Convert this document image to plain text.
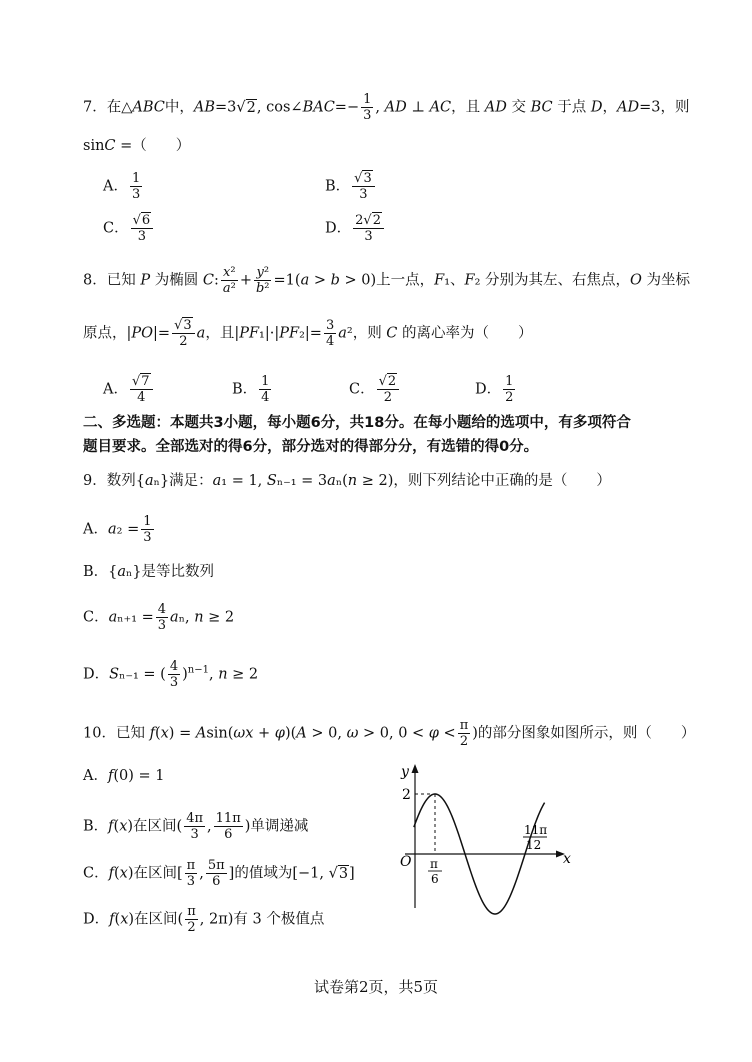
7．在△ABC中，AB=3√2, cos∠BAC=− $\frac{1}{3}$ , AD ⊥ AC，且 AD 交 BC 于点 D，AD=3，则
sinC =（　　）
A． $\frac{1}{3}$	B． $\frac{√3}{3}$
C． $\frac{√6}{3}$	D． $\frac{2√2}{3}$
8．已知 P 为椭圆 C: $\frac{\text{x²}}{\text{a²}} + \frac{\text{y²}}{\text{b²}} =1(a > b > 0)$上一点，F₁、F₂ 分别为其左、右焦点，O 为坐标
原点，$|PO|= \frac{√3}{2}$ a，且$|PF_1|\cdot|PF_2|= \frac{3}{4} a^2$，则 C 的离心率为（　　）
A． $\frac{√7}{4}$	B． $\frac{1}{4}$	C． $\frac{√2}{2}$	D． $\frac{1}{2}$
二、多选题：本题共3小题，每小题6分，共18分。在每小题给的选项中，有多项符合
题目要求。全部选对的得6分，部分选对的得部分分，有选错的得0分。
9．数列{aₙ}满足：a₁ = 1, Sₙ₋₁ = 3aₙ(n ≥ 2)，则下列结论中正确的是（　　）
A．$a_2 = \frac{1}{3}$
B．{aₙ}是等比数列
C．$a_{n+1} = \frac{4}{3} a_n$, n ≥ 2
D．Sₙ₋₁ = ( $\frac{4}{3} )^{n-1}$, n ≥ 2
10．已知 f(x) = Asin(ωx + φ)(A > 0, ω > 0, $0 < \varphi < \frac{\pi}{2}$ )的部分图象如图所示，则（　　）
A．f(0) = 1
B．f(x)在区间( $\frac{4\pi}{3}$ , $\frac{11\pi}{6}$ )单调递减
C．f(x)在区间[ $\frac{\pi}{3}$ , $\frac{5\pi}{6}$ ]的值域为[−1, √3]
D．f(x)在区间( $\frac{\pi}{2}$ , 2π)有 3 个极值点
y
x
O
2
π
6
11π
12
试卷第2页，共5页
